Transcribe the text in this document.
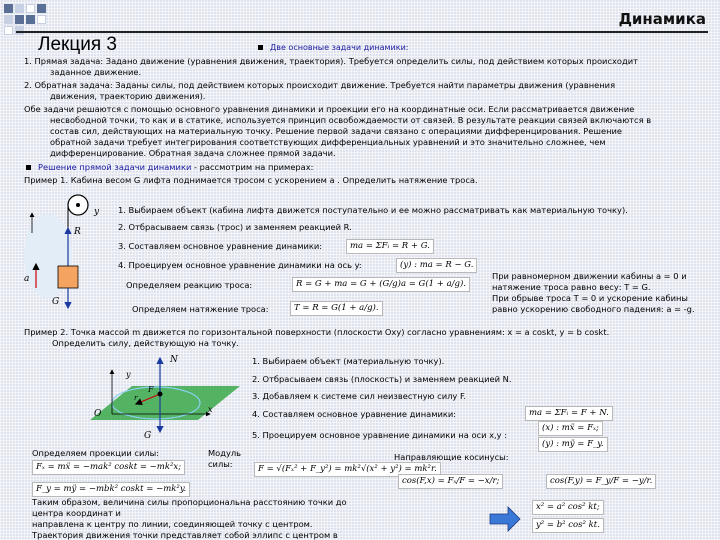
Динамика
Лекция 3	Две основные задачи динамики:
1. Прямая задача: Задано движение (уравнения движения, траектория). Требуется определить силы, под действием которых происходит
заданное движение.
2. Обратная задача: Заданы силы, под действием которых происходит движение. Требуется найти параметры движения (уравнения
движения, траекторию движения).
Обе задачи решаются с помощью основного уравнения динамики и проекции его на координатные оси. Если рассматривается движение
несвободной точки, то как и в статике, используется принцип освобождаемости от связей. В результате реакции связей включаются в
состав сил, действующих на материальную точку. Решение первой задачи связано с операциями дифференцирования. Решение
обратной задачи требует интегрирования соответствующих дифференциальных уравнений и это значительно сложнее, чем
дифференцирование. Обратная задача сложнее прямой задачи.
Решение прямой задачи динамики - рассмотрим на примерах:
Пример 1. Кабина весом G лифта поднимается тросом с ускорением a . Определить натяжение троса.
y
R
a
G
1. Выбираем объект (кабина лифта движется поступательно и ее можно рассматривать как материальную точку).
2. Отбрасываем связь (трос) и заменяем реакцией R.
3. Составляем основное уравнение динамики:	ma = ΣFᵢ = R + G.
4. Проецируем основное уравнение динамики на ось y:	(y) : ma = R − G.
Определяем реакцию троса:	R = G + ma = G + (G/g)a = G(1 + a/g).
Определяем натяжение троса:	T = R = G(1 + a/g).
При равномерном движении кабины a = 0 и
натяжение троса равно весу: T = G.
При обрыве троса T = 0 и ускорение кабины
равно ускорению свободного падения: a = -g.
Пример 2. Точка массой m движется по горизонтальной поверхности (плоскости Oxy) согласно уравнениям: x = a coskt, y = b coskt.
Определить силу, действующую на точку.
y
x
O
N
G
F
r
1. Выбираем объект (материальную точку).
2. Отбрасываем связь (плоскость) и заменяем реакцией N.
3. Добавляем к системе сил неизвестную силу F.
4. Составляем основное уравнение динамики:	ma = ΣFᵢ = F + N.
(x) : mẍ = Fₓ;
5. Проецируем основное уравнение динамики на оси x,y :
(y) : mÿ = F_y.
Определяем проекции силы:
Fₓ = mẍ = −mak² coskt = −mk²x;
F_y = mÿ = −mbk² coskt = −mk²y.
Модуль
силы:	F = √(Fₓ² + F_y²) = mk²√(x² + y²) = mk²r.
Направляющие косинусы:
cos(F,x) = Fₓ/F = −x/r;	cos(F,y) = F_y/F = −y/r.
Таким образом, величина силы пропорциональна расстоянию точки до
центра координат и
направлена к центру по линии, соединяющей точку с центром.
Траектория движения точки представляет собой эллипс с центром в
x² = a² cos² kt;
y² = b² cos² kt.
